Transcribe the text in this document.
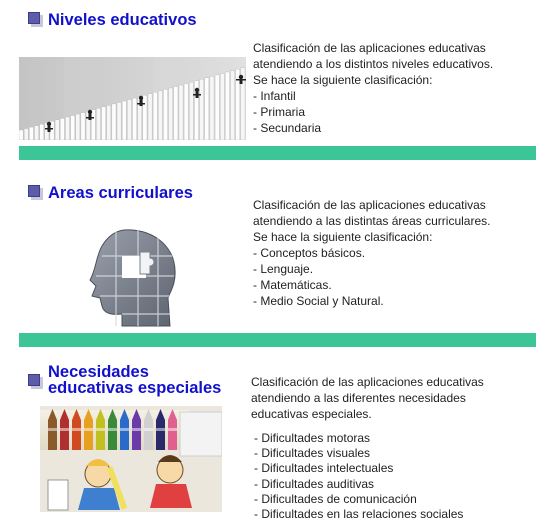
Niveles educativos

Clasificación de las aplicaciones educativas

atendiendo a los distintos niveles educativos.

Se hace la siguiente clasificación:

- Infantil
- Primaria
- Secundaria
Areas curriculares

Clasificación de las aplicaciones educativas

atendiendo a las distintas áreas curriculares.

Se hace la siguiente clasificación:

- Conceptos básicos.
- Lenguaje.
- Matemáticas.
- Medio Social y Natural.
Necesidades
educativas especiales Clasificación de las aplicaciones educativas

atendiendo a las diferentes necesidades

educativas especiales.

- Dificultades motoras
- Dificultades visuales
- Dificultades intelectuales
- Dificultades auditivas
- Dificultades de comunicación
- Dificultades en las relaciones sociales
